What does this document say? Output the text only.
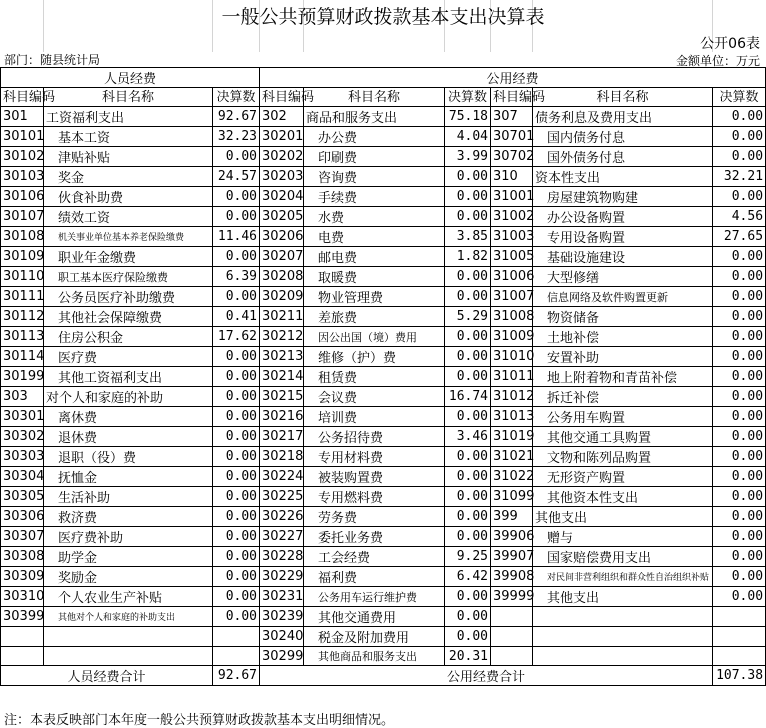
一般公共预算财政拨款基本支出决算表
公开06表
部门：随县统计局	金额单位：万元
人员经费			公用经费					
科目编码	科目名称	决算数	科目编码	科目名称	决算数	科目编码	科目名称	决算数
301	工资福利支出	92.67	302	商品和服务支出	75.18	307	债务利息及费用支出	0.00
30101	基本工资	32.23	30201	办公费	4.04	30701	国内债务付息	0.00
30102	津贴补贴	0.00	30202	印刷费	3.99	30702	国外债务付息	0.00
30103	奖金	24.57	30203	咨询费	0.00	310	资本性支出	32.21
30106	伙食补助费	0.00	30204	手续费	0.00	31001	房屋建筑物购建	0.00
30107	绩效工资	0.00	30205	水费	0.00	31002	办公设备购置	4.56
30108	机关事业单位基本养老保险缴费	11.46	30206	电费	3.85	31003	专用设备购置	27.65
30109	职业年金缴费	0.00	30207	邮电费	1.82	31005	基础设施建设	0.00
30110	职工基本医疗保险缴费	6.39	30208	取暖费	0.00	31006	大型修缮	0.00
30111	公务员医疗补助缴费	0.00	30209	物业管理费	0.00	31007	信息网络及软件购置更新	0.00
30112	其他社会保障缴费	0.41	30211	差旅费	5.29	31008	物资储备	0.00
30113	住房公积金	17.62	30212	因公出国（境）费用	0.00	31009	土地补偿	0.00
30114	医疗费	0.00	30213	维修（护）费	0.00	31010	安置补助	0.00
30199	其他工资福利支出	0.00	30214	租赁费	0.00	31011	地上附着物和青苗补偿	0.00
303	对个人和家庭的补助	0.00	30215	会议费	16.74	31012	拆迁补偿	0.00
30301	离休费	0.00	30216	培训费	0.00	31013	公务用车购置	0.00
30302	退休费	0.00	30217	公务招待费	3.46	31019	其他交通工具购置	0.00
30303	退职（役）费	0.00	30218	专用材料费	0.00	31021	文物和陈列品购置	0.00
30304	抚恤金	0.00	30224	被装购置费	0.00	31022	无形资产购置	0.00
30305	生活补助	0.00	30225	专用燃料费	0.00	31099	其他资本性支出	0.00
30306	救济费	0.00	30226	劳务费	0.00	399	其他支出	0.00
30307	医疗费补助	0.00	30227	委托业务费	0.00	39906	赠与	0.00
30308	助学金	0.00	30228	工会经费	9.25	39907	国家赔偿费用支出	0.00
30309	奖励金	0.00	30229	福利费	6.42	39908	对民间非营利组织和群众性自治组织补贴	0.00
30310	个人农业生产补贴	0.00	30231	公务用车运行维护费	0.00	39999	其他支出	0.00
30399	其他对个人和家庭的补助支出	0.00	30239	其他交通费用	0.00			
			30240	税金及附加费用	0.00			
			30299	其他商品和服务支出	20.31			
人员经费合计		92.67	公用经费合计					107.38
注：本表反映部门本年度一般公共预算财政拨款基本支出明细情况。
